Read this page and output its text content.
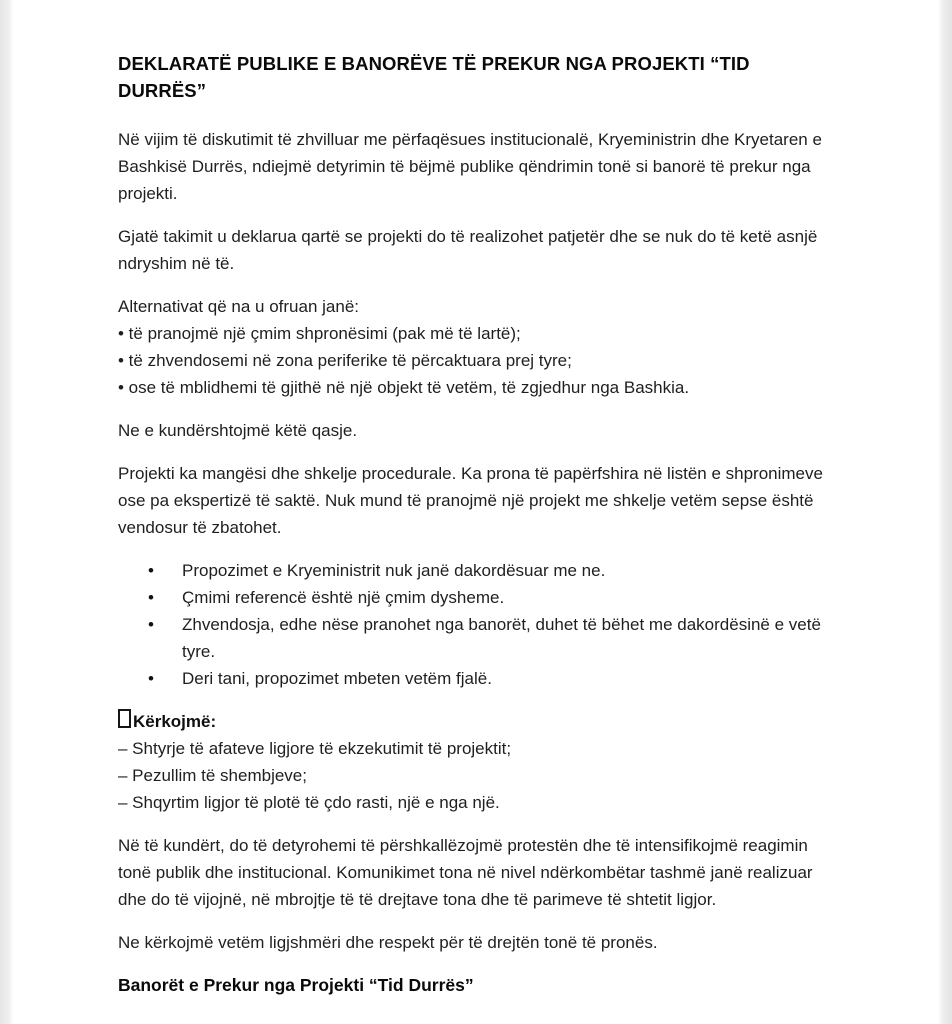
DEKLARATË PUBLIKE E BANORËVE TË PREKUR NGA PROJEKTI “TID DURRËS”

Në vijim të diskutimit të zhvilluar me përfaqësues institucionalë, Kryeministrin dhe Kryetaren e Bashkisë Durrës, ndiejmë detyrimin të bëjmë publike qëndrimin tonë si banorë të prekur nga projekti.

Gjatë takimit u deklarua qartë se projekti do të realizohet patjetër dhe se nuk do të ketë asnjë ndryshim në të.

Alternativat që na u ofruan janë:

• të pranojmë një çmim shpronësimi (pak më të lartë);

• të zhvendosemi në zona periferike të përcaktuara prej tyre;

• ose të mblidhemi të gjithë në një objekt të vetëm, të zgjedhur nga Bashkia.

Ne e kundërshtojmë këtë qasje.

Projekti ka mangësi dhe shkelje procedurale. Ka prona të papërfshira në listën e shpronimeve ose pa ekspertizë të saktë. Nuk mund të pranojmë një projekt me shkelje vetëm sepse është vendosur të zbatohet.

•	Propozimet e Kryeministrit nuk janë dakordësuar me ne.
•	Çmimi referencë është një çmim dysheme.
•	Zhvendosja, edhe nëse pranohet nga banorët, duhet të bëhet me dakordësinë e vetë tyre.
•	Deri tani, propozimet mbeten vetëm fjalë.

Kërkojmë:

– Shtyrje të afateve ligjore të ekzekutimit të projektit;

– Pezullim të shembjeve;

– Shqyrtim ligjor të plotë të çdo rasti, një e nga një.

Në të kundërt, do të detyrohemi të përshkallëzojmë protestën dhe të intensifikojmë reagimin tonë publik dhe institucional. Komunikimet tona në nivel ndërkombëtar tashmë janë realizuar dhe do të vijojnë, në mbrojtje të të drejtave tona dhe të parimeve të shtetit ligjor.

Ne kërkojmë vetëm ligjshmëri dhe respekt për të drejtën tonë të pronës.

Banorët e Prekur nga Projekti “Tid Durrës”
